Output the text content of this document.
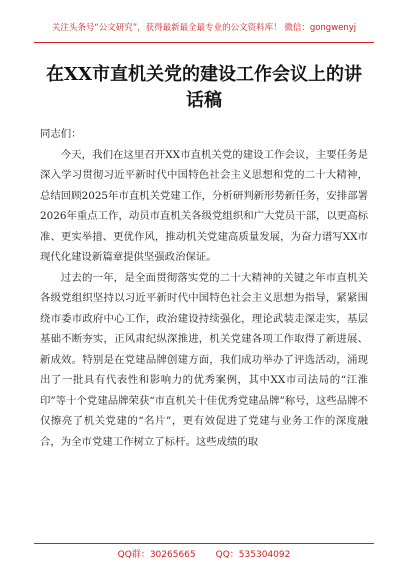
关注头条号“公文研究”，获得最新最全最专业的公文资料库！ 微信：gongwenyj
在XX市直机关党的建设工作会议上的讲话稿

同志们：

今天，我们在这里召开XX市直机关党的建设工作会议，主要任务是深入学习贯彻习近平新时代中国特色社会主义思想和党的二十大精神，总结回顾2025年市直机关党建工作，分析研判新形势新任务，安排部署2026年重点工作，动员市直机关各级党组织和广大党员干部，以更高标准、更实举措、更优作风，推动机关党建高质量发展，为奋力谱写XX市现代化建设新篇章提供坚强政治保证。

过去的一年，是全面贯彻落实党的二十大精神的关键之年市直机关各级党组织坚持以习近平新时代中国特色社会主义思想为指导，紧紧围绕市委市政府中心工作，政治建设持续强化，理论武装走深走实，基层基础不断夯实，正风肃纪纵深推进，机关党建各项工作取得了新进展、新成效。特别是在党建品牌创建方面，我们成功举办了评选活动，涌现出了一批具有代表性和影响力的优秀案例，其中XX市司法局的“江淮印”等十个党建品牌荣获“市直机关十佳优秀党建品牌”称号，这些品牌不仅擦亮了机关党建的“名片”，更有效促进了党建与业务工作的深度融合，为全市党建工作树立了标杆。这些成绩的取

QQ群：30265665 QQ：535304092
